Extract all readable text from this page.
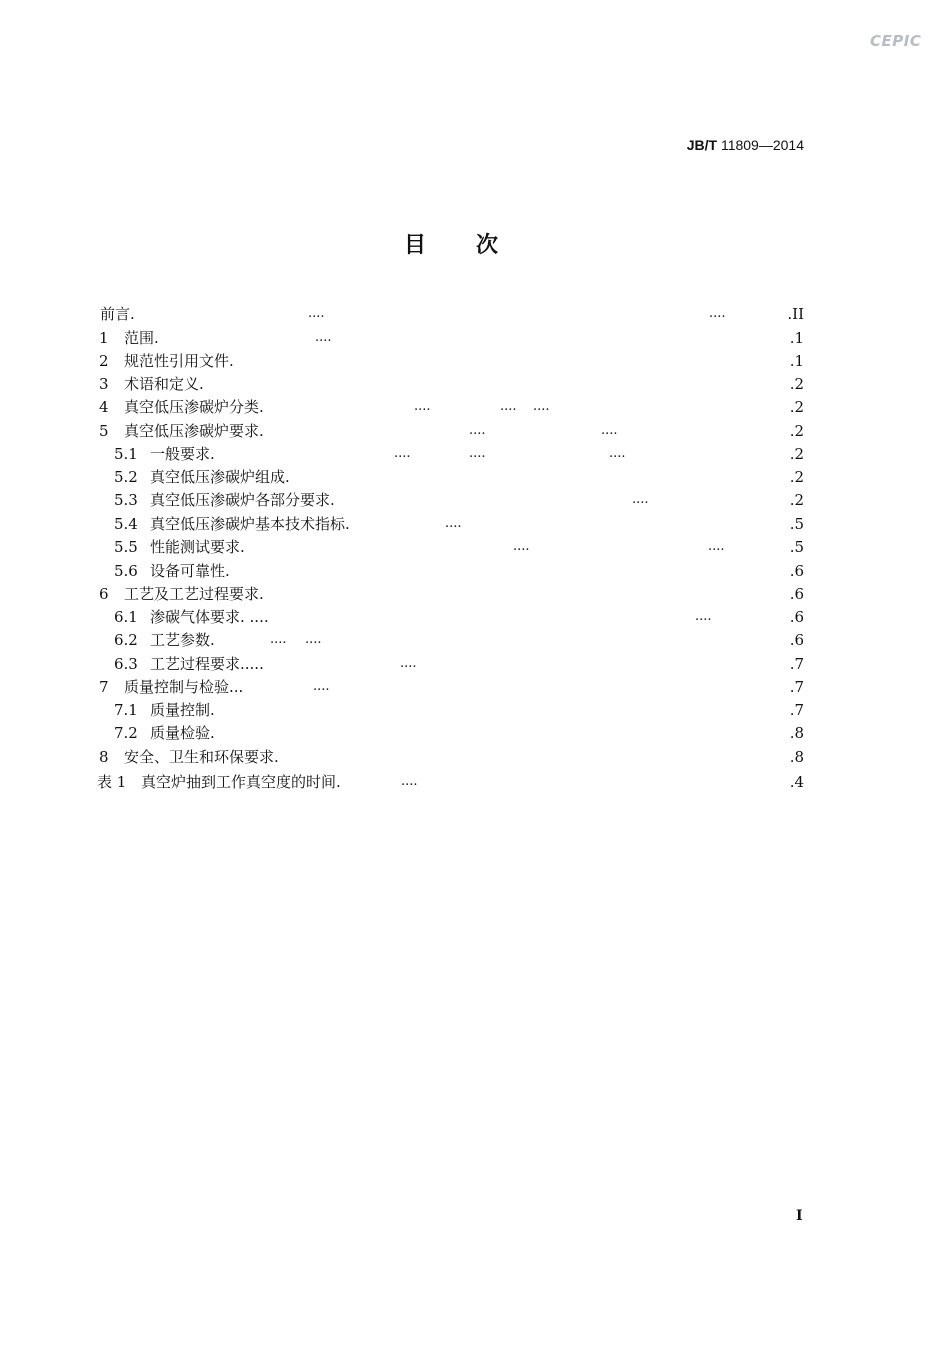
CEPIC
JB/T 11809—2014
目　次
前言.	....	....	.II
1 范围.	....	.1
2 规范性引用文件.	.1
3 术语和定义.	.2
4 真空低压渗碳炉分类.	....	.... ....	.2
5 真空低压渗碳炉要求.	....	....	.2
5.1 一般要求.	....	....	....	.2
5.2 真空低压渗碳炉组成.	.2
5.3 真空低压渗碳炉各部分要求.	....	.2
5.4 真空低压渗碳炉基本技术指标.	....	.5
5.5 性能测试要求.	....	....	.5
5.6 设备可靠性.	.6
6 工艺及工艺过程要求.	.6
6.1 渗碳气体要求. ....	....	.6
6.2 工艺参数.	.... ....	.6
6.3 工艺过程要求.....	....	.7
7 质量控制与检验...	....	.7
7.1 质量控制.	.7
7.2 质量检验.	.8
8 安全、卫生和环保要求.	.8
表 1 真空炉抽到工作真空度的时间.	....	.4
I
